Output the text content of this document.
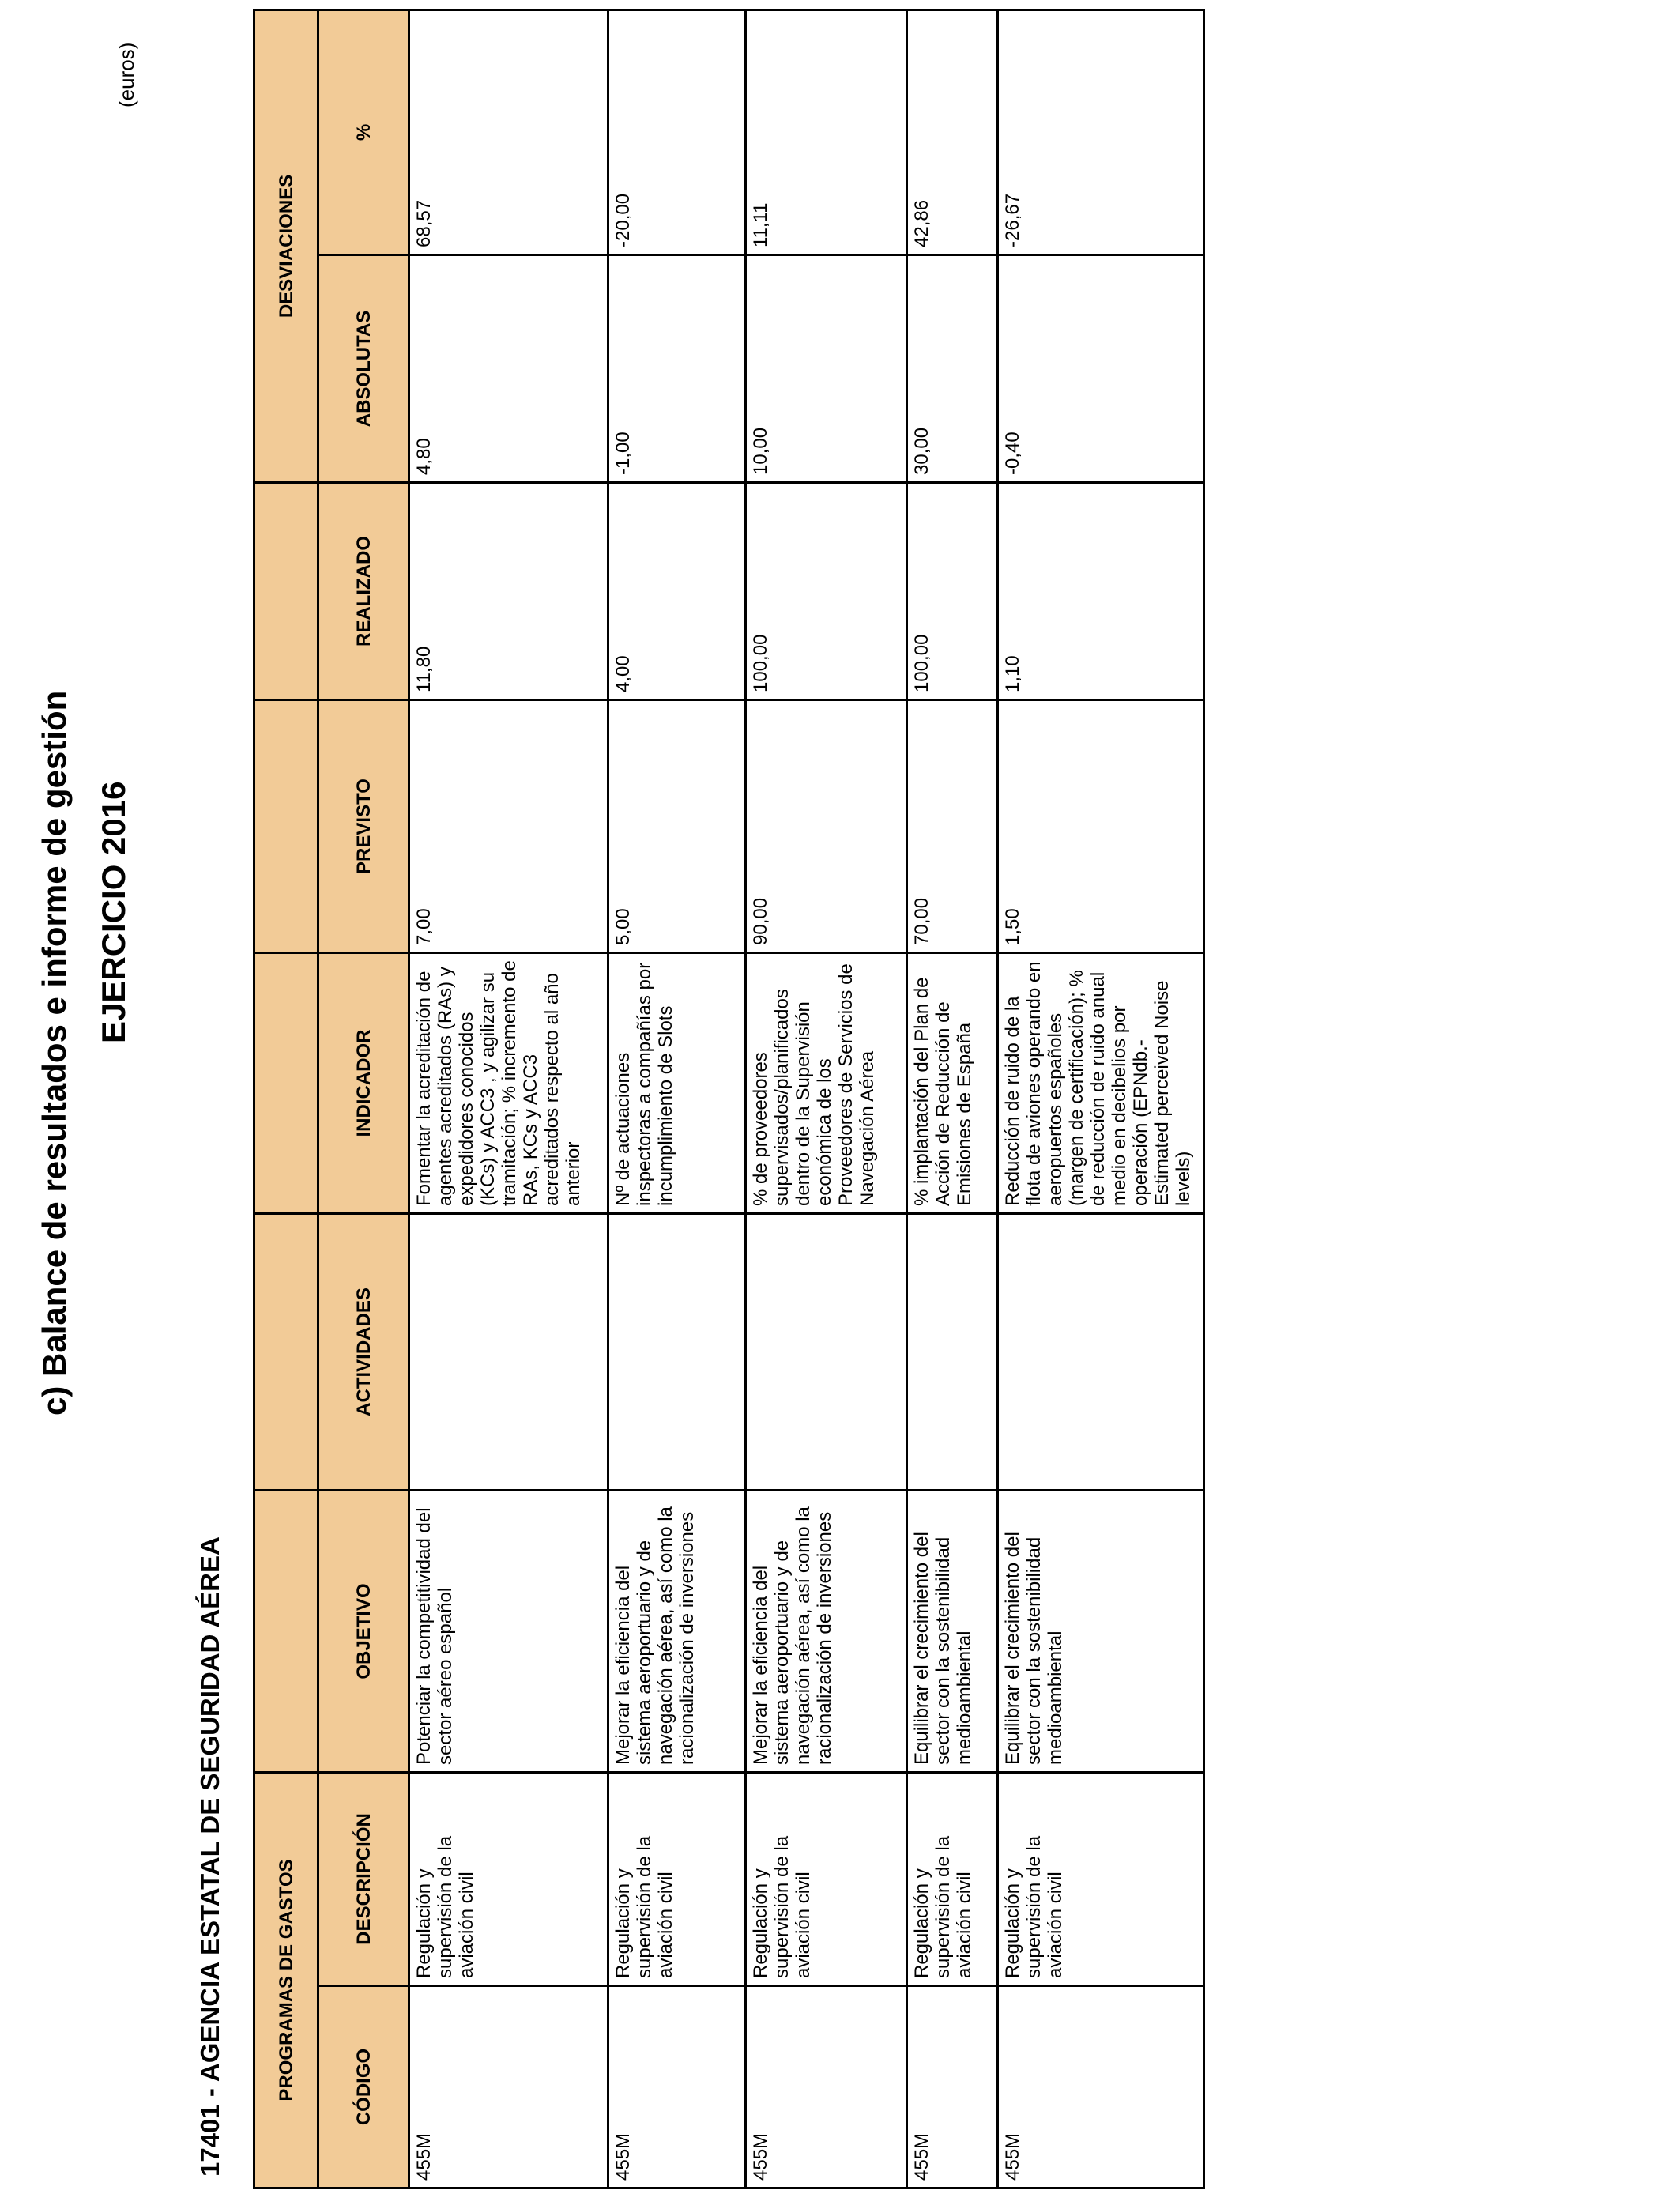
c) Balance de resultados e informe de gestión EJERCICIO 2016
17401 - AGENCIA ESTATAL DE SEGURIDAD AÉREA
(euros)
PROGRAMAS DE GASTOS							DESVIACIONES	
CÓDIGO	DESCRIPCIÓN	OBJETIVO	ACTIVIDADES	INDICADOR	PREVISTO	REALIZADO	ABSOLUTAS	%
455M	Regulación y supervisión de la aviación civil	Potenciar la competitividad del sector aéreo español		Fomentar la acreditación de agentes acreditados (RAs) y expedidores conocidos (KCs) y ACC3 , y agilizar su tramitación; % incremento de RAs, KCs y ACC3 acreditados respecto al año anterior	7,00	11,80	4,80	68,57
455M	Regulación y supervisión de la aviación civil	Mejorar la eficiencia del sistema aeroportuario y de navegación aérea, así como la racionalización de inversiones		Nº de actuaciones inspectoras a compañías por incumplimiento de Slots	5,00	4,00	-1,00	-20,00
455M	Regulación y supervisión de la aviación civil	Mejorar la eficiencia del sistema aeroportuario y de navegación aérea, así como la racionalización de inversiones		% de proveedores supervisados/planificados dentro de la Supervisión económica de los Proveedores de Servicios de Navegación Aérea	90,00	100,00	10,00	11,11
455M	Regulación y supervisión de la aviación civil	Equilibrar el crecimiento del sector con la sostenibilidad medioambiental		% implantación del Plan de Acción de Reducción de Emisiones de España	70,00	100,00	30,00	42,86
455M	Regulación y supervisión de la aviación civil	Equilibrar el crecimiento del sector con la sostenibilidad medioambiental		Reducción de ruido de la flota de aviones operando en aeropuertos españoles (margen de certificación); % de reducción de ruido anual medio en decibelios por operación (EPNdb.-Estimated perceived Noise levels)	1,50	1,10	-0,40	-26,67
